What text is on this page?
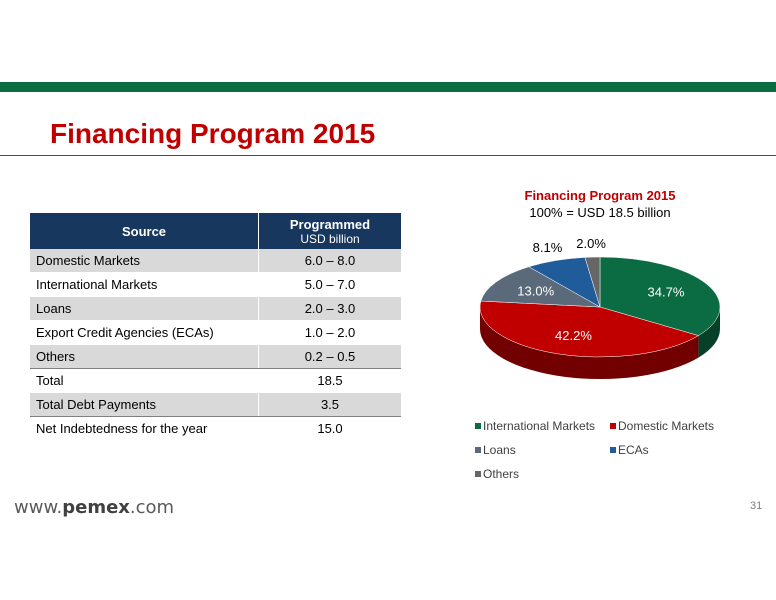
Financing Program 2015
Source	Programmed
USD billion

Domestic Markets	6.0 – 8.0
International Markets	5.0 – 7.0
Loans	2.0 – 3.0
Export Credit Agencies (ECAs)	1.0 – 2.0
Others	0.2 – 0.5
Total	18.5
Total Debt Payments	3.5
Net Indebtedness for the year	15.0
Financing Program 2015
100% = USD 18.5 billion
34.7%
42.2%
13.0%
8.1% 2.0%
International Markets Domestic Markets
Loans	ECAs
Others
www.pemex.com	31
